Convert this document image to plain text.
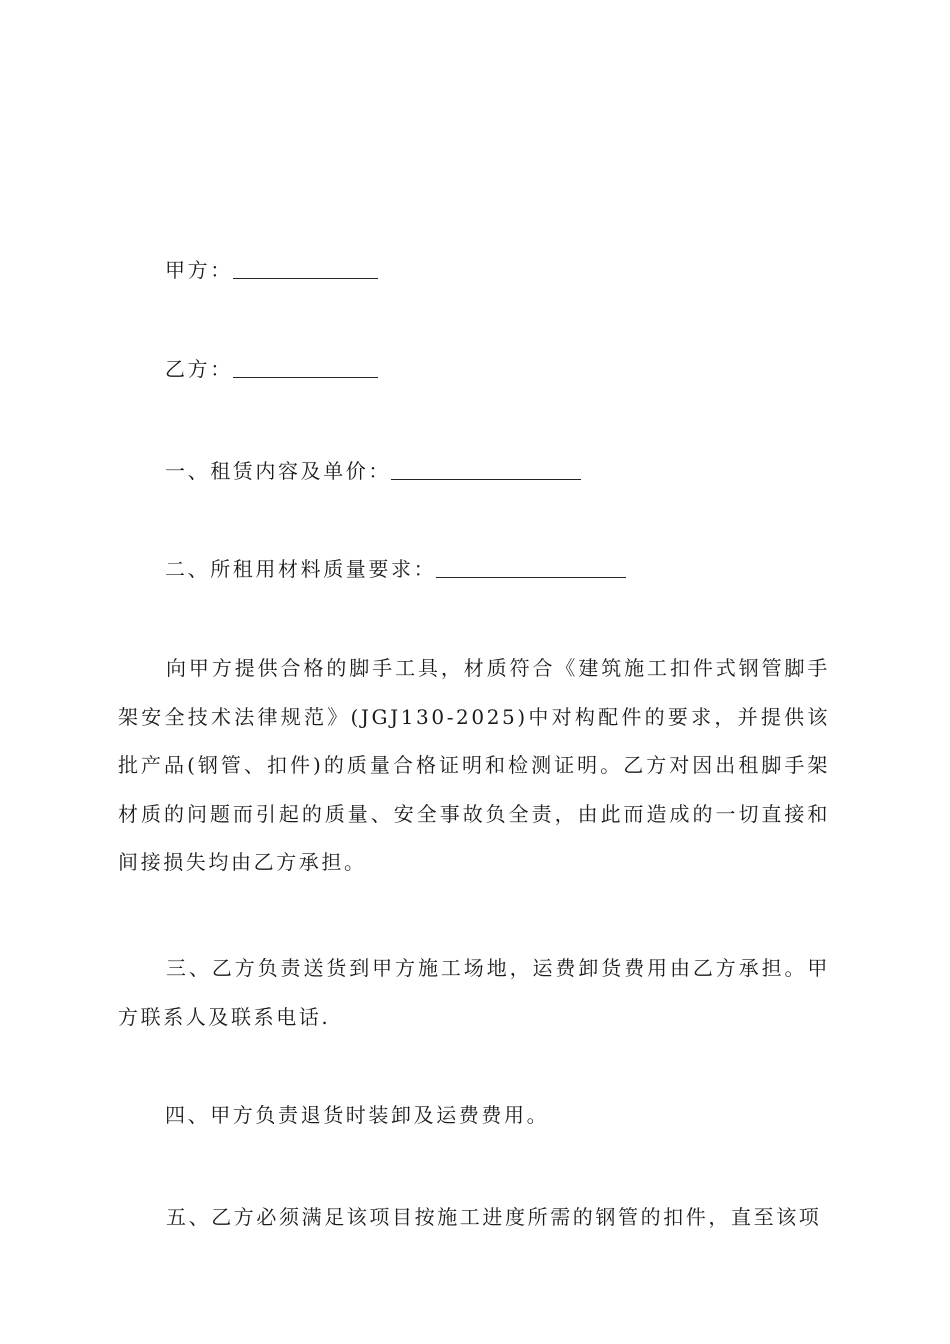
甲方：
乙方：
一、租赁内容及单价：
二、所租用材料质量要求：

向甲方提供合格的脚手工具，材质符合《建筑施工扣件式钢管脚手架安全技术法律规范》(JGJ130-2025)中对构配件的要求，并提供该批产品(钢管、扣件)的质量合格证明和检测证明。乙方对因出租脚手架材质的问题而引起的质量、安全事故负全责，由此而造成的一切直接和间接损失均由乙方承担。

三、乙方负责送货到甲方施工场地，运费卸货费用由乙方承担。甲方联系人及联系电话.

四、甲方负责退货时装卸及运费费用。

五、乙方必须满足该项目按施工进度所需的钢管的扣件，直至该项
